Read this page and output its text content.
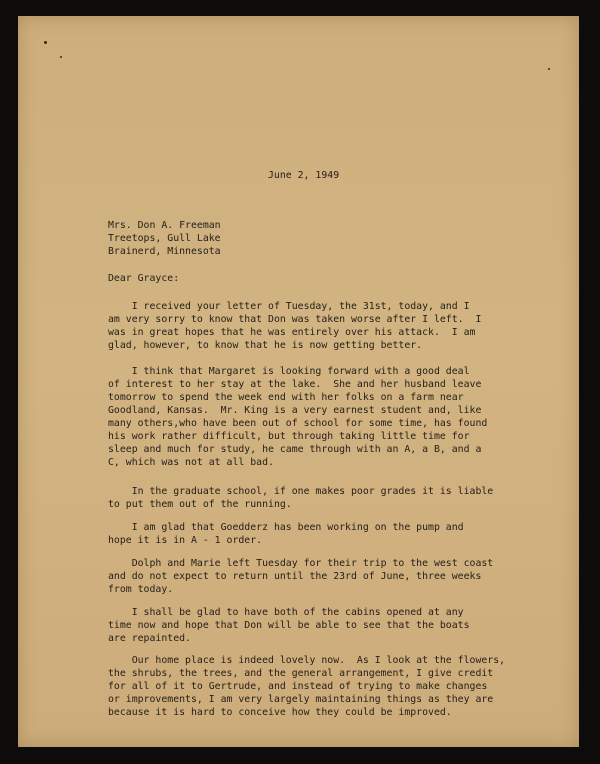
June 2, 1949
Mrs. Don A. Freeman
Treetops, Gull Lake
Brainerd, Minnesota
Dear Grayce:
I received your letter of Tuesday, the 31st, today, and I
am very sorry to know that Don was taken worse after I left.  I
was in great hopes that he was entirely over his attack.  I am
glad, however, to know that he is now getting better.
I think that Margaret is looking forward with a good deal
of interest to her stay at the lake.  She and her husband leave
tomorrow to spend the week end with her folks on a farm near
Goodland, Kansas.  Mr. King is a very earnest student and, like
many others,who have been out of school for some time, has found
his work rather difficult, but through taking little time for
sleep and much for study, he came through with an A, a B, and a
C, which was not at all bad.
In the graduate school, if one makes poor grades it is liable
to put them out of the running.
I am glad that Goedderz has been working on the pump and
hope it is in A - 1 order.
Dolph and Marie left Tuesday for their trip to the west coast
and do not expect to return until the 23rd of June, three weeks
from today.
I shall be glad to have both of the cabins opened at any
time now and hope that Don will be able to see that the boats
are repainted.
Our home place is indeed lovely now.  As I look at the flowers,
the shrubs, the trees, and the general arrangement, I give credit
for all of it to Gertrude, and instead of trying to make changes
or improvements, I am very largely maintaining things as they are
because it is hard to conceive how they could be improved.
